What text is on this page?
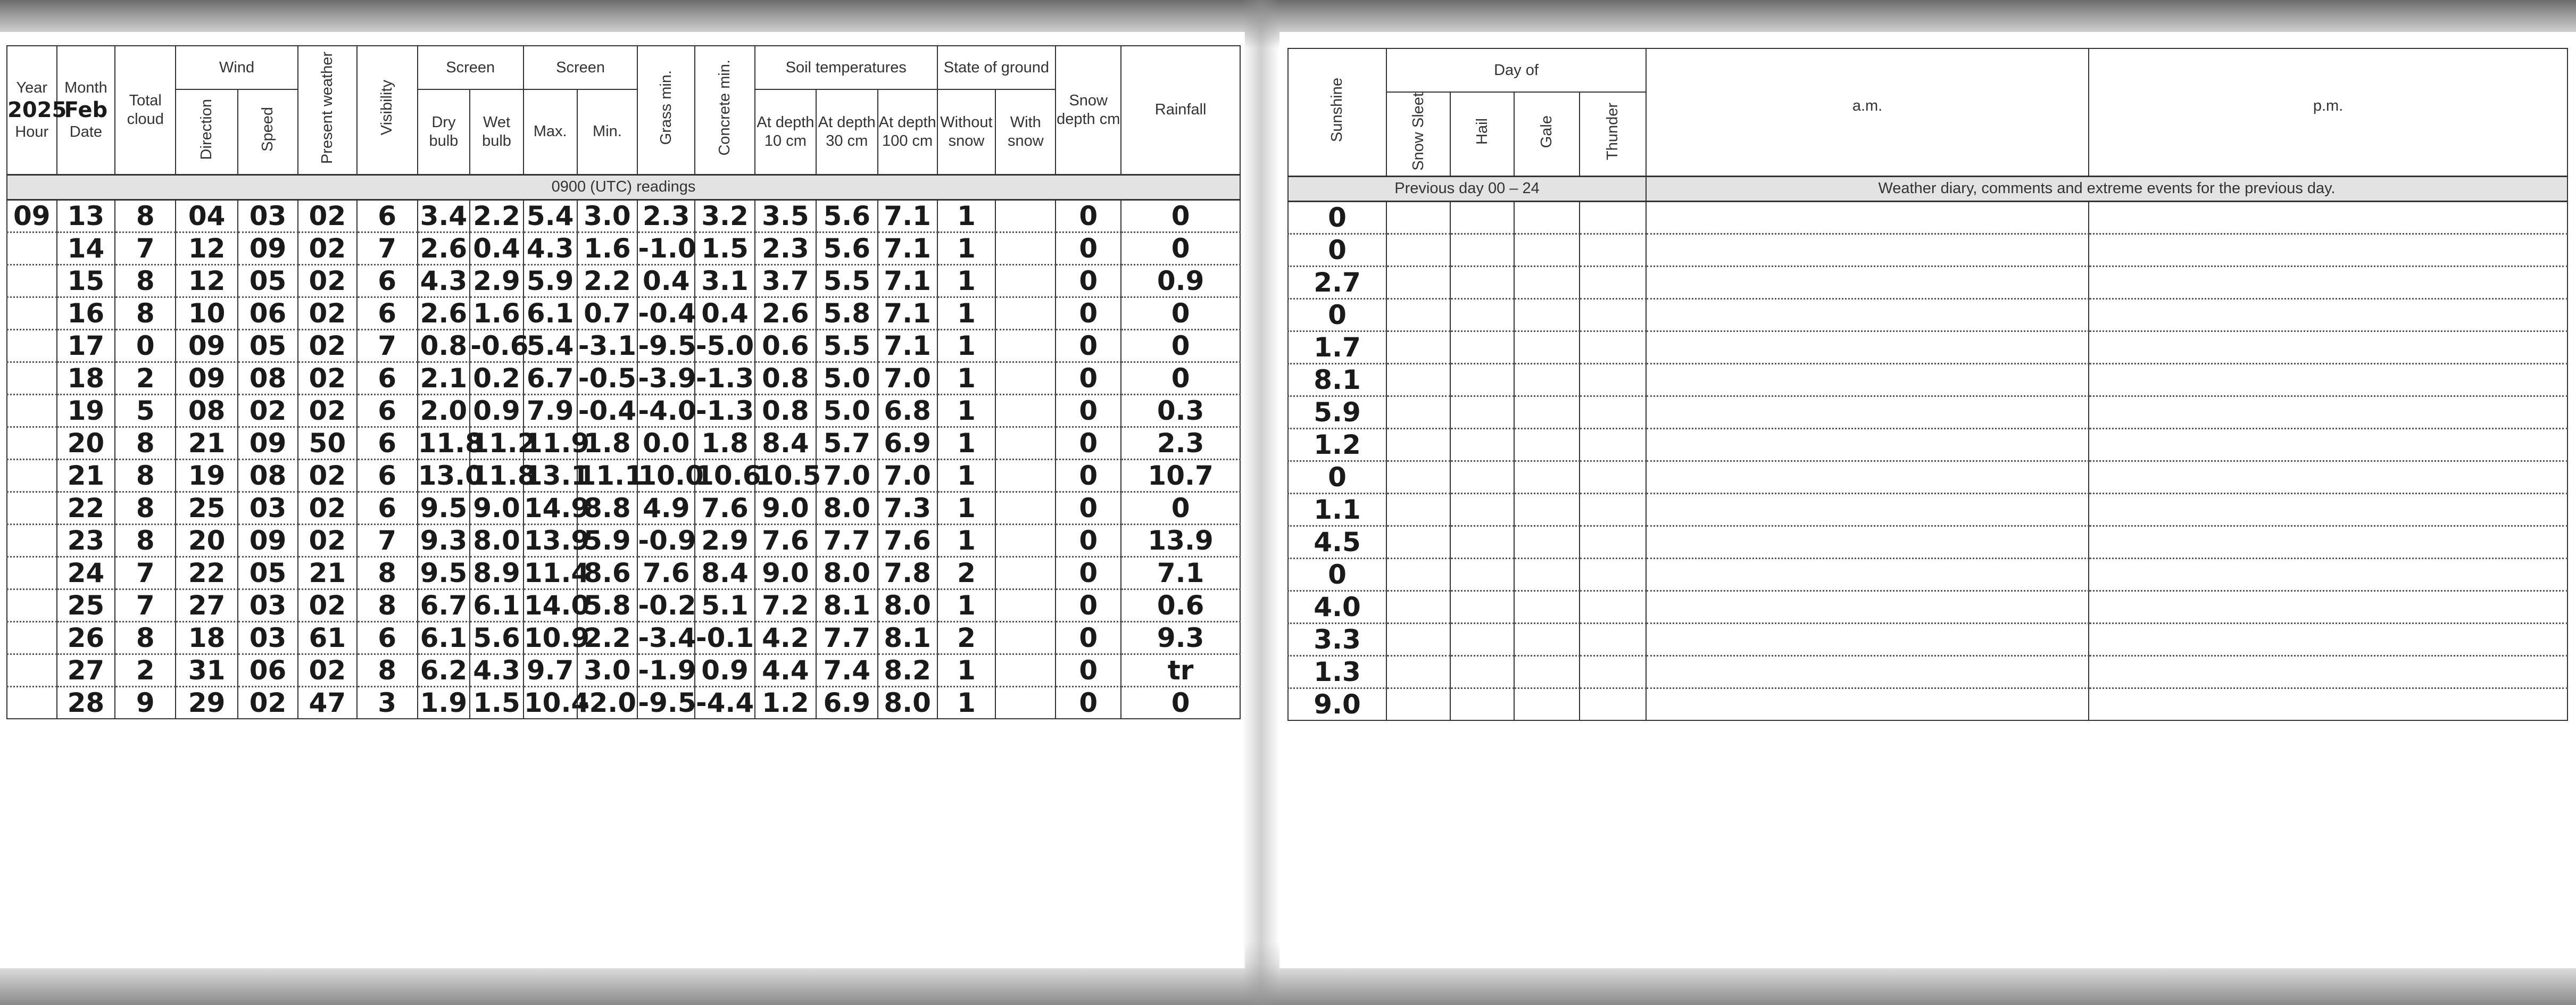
Year
2025
Hour	Month
Feb
Date	Total cloud	Wind		Present weather	Visibility	Screen		Screen		Grass min.	Concrete min.	Soil temperatures			State of ground		Snow depth cm	Rainfall
			Direction	Speed			Dry bulb	Wet bulb	Max.	Min.			At depth 10 cm	At depth 30 cm	At depth 100 cm	Without snow	With snow		
0900 (UTC) readings																			
09	13	8	04	03	02	6	3.4	2.2	5.4	3.0	2.3	3.2	3.5	5.6	7.1	1		0	0
	14	7	12	09	02	7	2.6	0.4	4.3	1.6	-1.0	1.5	2.3	5.6	7.1	1		0	0
	15	8	12	05	02	6	4.3	2.9	5.9	2.2	0.4	3.1	3.7	5.5	7.1	1		0	0.9
	16	8	10	06	02	6	2.6	1.6	6.1	0.7	-0.4	0.4	2.6	5.8	7.1	1		0	0
	17	0	09	05	02	7	0.8	-0.6	5.4	-3.1	-9.5	-5.0	0.6	5.5	7.1	1		0	0
	18	2	09	08	02	6	2.1	0.2	6.7	-0.5	-3.9	-1.3	0.8	5.0	7.0	1		0	0
	19	5	08	02	02	6	2.0	0.9	7.9	-0.4	-4.0	-1.3	0.8	5.0	6.8	1		0	0.3
	20	8	21	09	50	6	11.8	11.2	11.9	1.8	0.0	1.8	8.4	5.7	6.9	1		0	2.3
	21	8	19	08	02	6	13.0	11.8	13.1	11.1	10.0	10.6	10.5	7.0	7.0	1		0	10.7
	22	8	25	03	02	6	9.5	9.0	14.9	8.8	4.9	7.6	9.0	8.0	7.3	1		0	0
	23	8	20	09	02	7	9.3	8.0	13.9	5.9	-0.9	2.9	7.6	7.7	7.6	1		0	13.9
	24	7	22	05	21	8	9.5	8.9	11.4	8.6	7.6	8.4	9.0	8.0	7.8	2		0	7.1
	25	7	27	03	02	8	6.7	6.1	14.0	5.8	-0.2	5.1	7.2	8.1	8.0	1		0	0.6
	26	8	18	03	61	6	6.1	5.6	10.9	2.2	-3.4	-0.1	4.2	7.7	8.1	2		0	9.3
	27	2	31	06	02	8	6.2	4.3	9.7	3.0	-1.9	0.9	4.4	7.4	8.2	1		0	tr
	28	9	29	02	47	3	1.9	1.5	10.4	-2.0	-9.5	-4.4	1.2	6.9	8.0	1		0	0
Sunshine	Day of				a.m.	p.m.
	Snow Sleet	Hail	Gale	Thunder		
Previous day 00 – 24					Weather diary, comments and extreme events for the previous day.	
0						
0						
2.7						
0						
1.7						
8.1						
5.9						
1.2						
0						
1.1						
4.5						
0						
4.0						
3.3						
1.3						
9.0						
